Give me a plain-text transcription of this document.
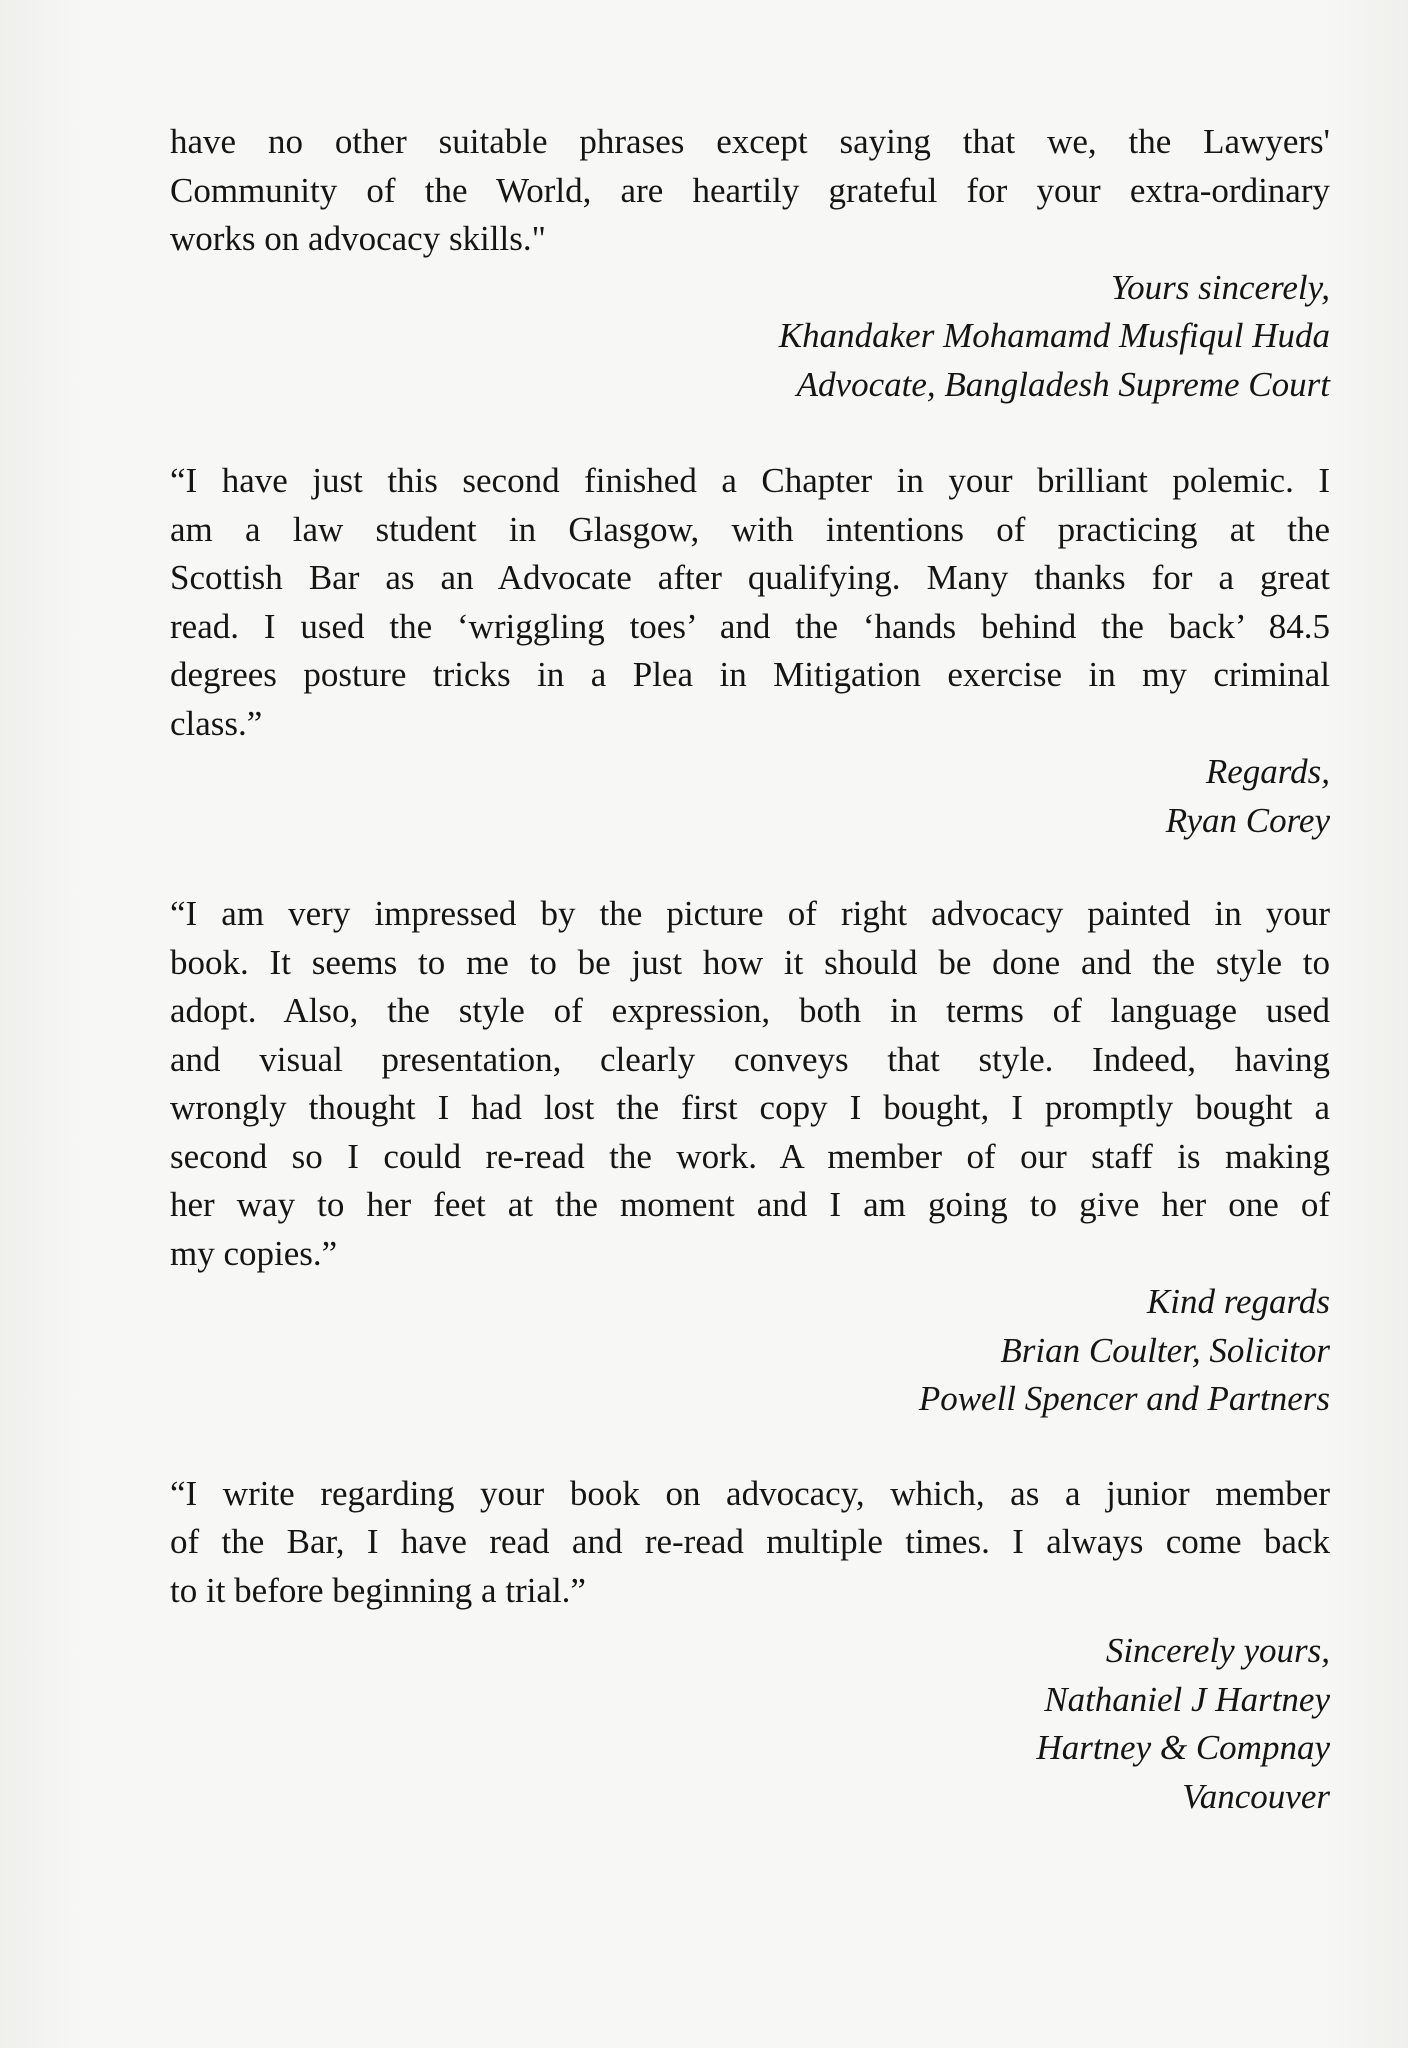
have no other suitable phrases except saying that we, the Lawyers'
Community of the World, are heartily grateful for your extra-ordinary
works on advocacy skills."

Yours sincerely,
Khandaker Mohamamd Musfiqul Huda
Advocate, Bangladesh Supreme Court

“I have just this second finished a Chapter in your brilliant polemic. I
am a law student in Glasgow, with intentions of practicing at the
Scottish Bar as an Advocate after qualifying. Many thanks for a great
read. I used the ‘wriggling toes’ and the ‘hands behind the back’ 84.5
degrees posture tricks in a Plea in Mitigation exercise in my criminal
class.”

Regards,
Ryan Corey

“I am very impressed by the picture of right advocacy painted in your
book. It seems to me to be just how it should be done and the style to
adopt. Also, the style of expression, both in terms of language used
and visual presentation, clearly conveys that style. Indeed, having
wrongly thought I had lost the first copy I bought, I promptly bought a
second so I could re-read the work. A member of our staff is making
her way to her feet at the moment and I am going to give her one of
my copies.”

Kind regards
Brian Coulter, Solicitor
Powell Spencer and Partners

“I write regarding your book on advocacy, which, as a junior member
of the Bar, I have read and re-read multiple times. I always come back
to it before beginning a trial.”

Sincerely yours,
Nathaniel J Hartney
Hartney & Compnay
Vancouver
